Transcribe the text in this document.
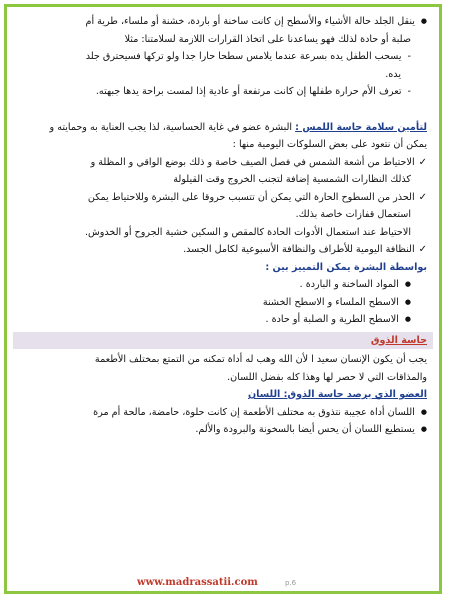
● ينقل الجلد حالة الأشياء والأسطح إن كانت ساخنة أو باردة، خشنة أو ملساء، طرية أم
صلبة أو حادة لذلك فهو يساعدنا على اتخاذ القرارات اللازمة لسلامتنا: مثلا
- يسحب الطفل يده بسرعة عندما يلامس سطحا حارا جدا ولو تركها فسيحترق جلد
يده.
- تعرف الأم حرارة طفلها إن كانت مرتفعة أو عادية إذا لمست براحة يدها جبهته.
لتأمين سلامة حاسة اللمس : البشرة عضو في غاية الحساسية، لذا يجب العناية به وحمايته و
يمكن أن نتعود على بعض السلوكات اليومية منها :
✓ الاحتياط من أشعة الشمس في فصل الصيف خاصة و ذلك بوضع الواقي و المظلة و
كذلك النظارات الشمسية إضافة لتجنب الخروج وقت القيلولة
✓ الحذر من السطوح الحارة التي يمكن أن تتسبب حروقا على البشرة وللاحتياط يمكن
استعمال قفازات خاصة بذلك.
الاحتياط عند استعمال الأدوات الحادة كالمقص و السكين خشية الجروح أو الخدوش.
✓ النظافة اليومية للأطراف والنظافة الأسبوعية لكامل الجسد.
بواسطة البشرة يمكن التمييز بين :
● المواد الساخنة و الباردة .
● الاسطح الملساء و الاسطح الخشنة
● الاسطح الطرية و الصلبة أو حادة .
حاسة الذوق
يجب أن يكون الإنسان سعيد ا لأن الله وهب له أداة تمكنه من التمتع بمختلف الأطعمة
والمذاقات التي لا حصر لها وهذا كله بفضل اللسان.
العضو الذي يرصد حاسة الذوق: اللسان
● اللسان أداة عجيبة نتذوق به مختلف الأطعمة إن كانت حلوة، حامضة، مالحة أم مرة
● يستطيع اللسان أن يحس أيضا بالسخونة والبرودة والألم.
www.madrassatii.com	p.6
